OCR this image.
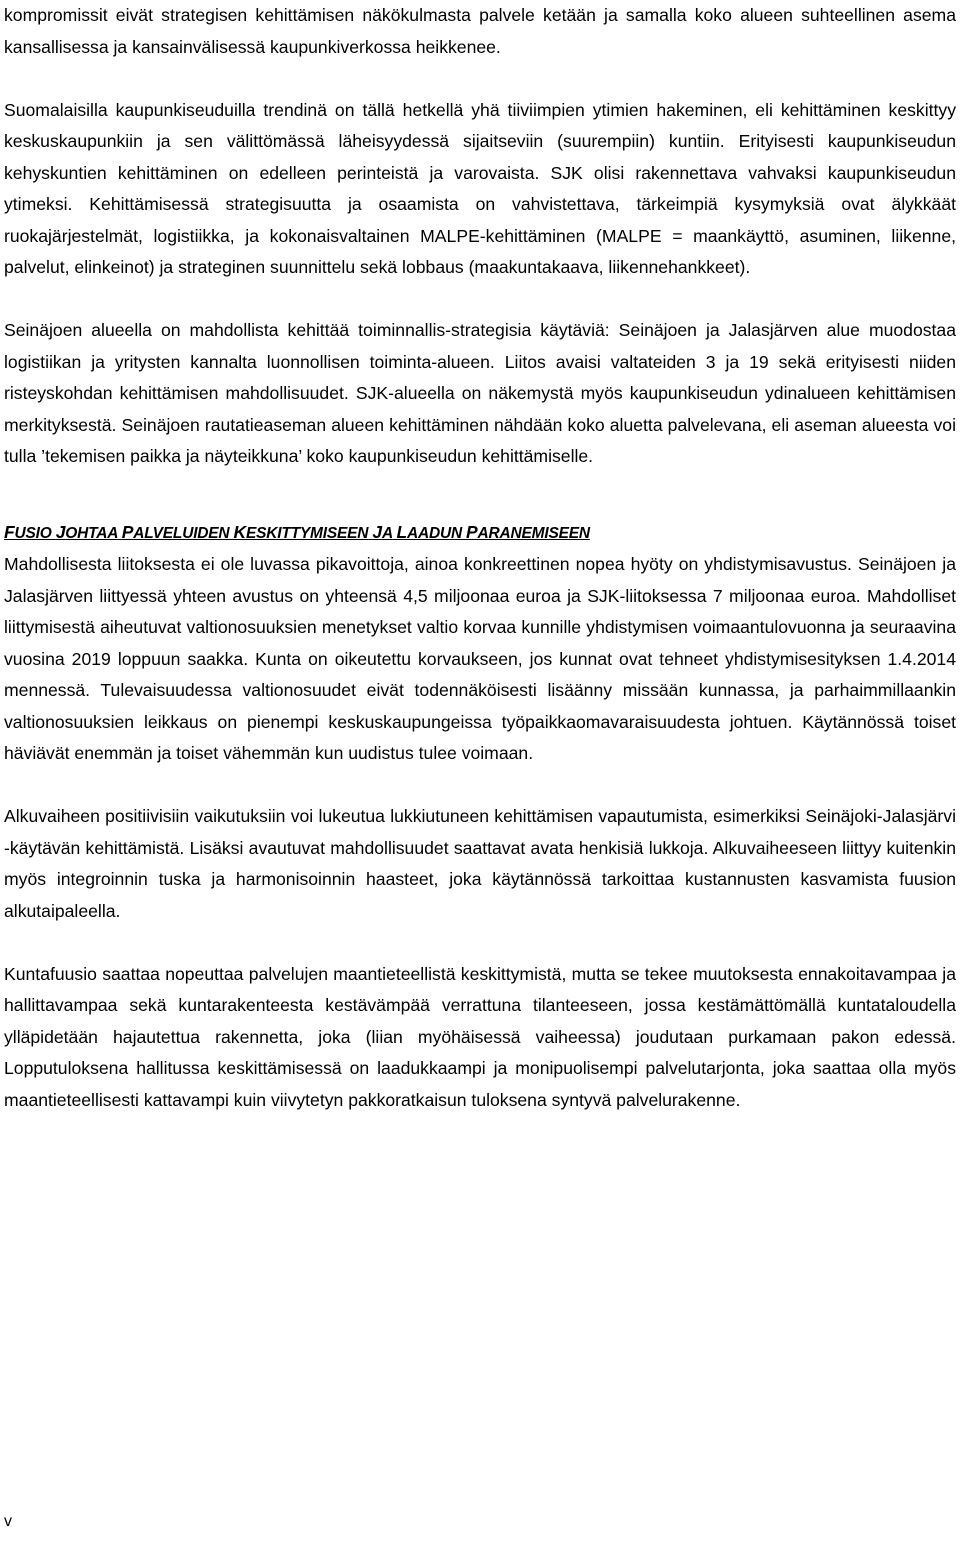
kompromissit eivät strategisen kehittämisen näkökulmasta palvele ketään ja samalla koko alueen suhteellinen asema kansallisessa ja kansainvälisessä kaupunkiverkossa heikkenee.

Suomalaisilla kaupunkiseuduilla trendinä on tällä hetkellä yhä tiiviimpien ytimien hakeminen, eli kehittäminen keskittyy keskuskaupunkiin ja sen välittömässä läheisyydessä sijaitseviin (suurempiin) kuntiin. Erityisesti kaupunkiseudun kehyskuntien kehittäminen on edelleen perinteistä ja varovaista. SJK olisi rakennettava vahvaksi kaupunkiseudun ytimeksi. Kehittämisessä strategisuutta ja osaamista on vahvistettava, tärkeimpiä kysymyksiä ovat älykkäät ruokajärjestelmät, logistiikka, ja kokonaisvaltainen MALPE-kehittäminen (MALPE = maankäyttö, asuminen, liikenne, palvelut, elinkeinot) ja strateginen suunnittelu sekä lobbaus (maakuntakaava, liikennehankkeet).

Seinäjoen alueella on mahdollista kehittää toiminnallis-strategisia käytäviä: Seinäjoen ja Jalasjärven alue muodostaa logistiikan ja yritysten kannalta luonnollisen toiminta-alueen. Liitos avaisi valtateiden 3 ja 19 sekä erityisesti niiden risteyskohdan kehittämisen mahdollisuudet. SJK-alueella on näkemystä myös kaupunkiseudun ydinalueen kehittämisen merkityksestä. Seinäjoen rautatieaseman alueen kehittäminen nähdään koko aluetta palvelevana, eli aseman alueesta voi tulla ’tekemisen paikka ja näyteikkuna’ koko kaupunkiseudun kehittämiselle.

FUSIO JOHTAA PALVELUIDEN KESKITTYMISEEN JA LAADUN PARANEMISEEN

Mahdollisesta liitoksesta ei ole luvassa pikavoittoja, ainoa konkreettinen nopea hyöty on yhdistymisavustus. Seinäjoen ja Jalasjärven liittyessä yhteen avustus on yhteensä 4,5 miljoonaa euroa ja SJK-liitoksessa 7 miljoonaa euroa. Mahdolliset liittymisestä aiheutuvat valtionosuuksien menetykset valtio korvaa kunnille yhdistymisen voimaantulovuonna ja seuraavina vuosina 2019 loppuun saakka. Kunta on oikeutettu korvaukseen, jos kunnat ovat tehneet yhdistymisesityksen 1.4.2014 mennessä. Tulevaisuudessa valtionosuudet eivät todennäköisesti lisäänny missään kunnassa, ja parhaimmillaankin valtionosuuksien leikkaus on pienempi keskuskaupungeissa työpaikkaomavaraisuudesta johtuen. Käytännössä toiset häviävät enemmän ja toiset vähemmän kun uudistus tulee voimaan.

Alkuvaiheen positiivisiin vaikutuksiin voi lukeutua lukkiutuneen kehittämisen vapautumista, esimerkiksi Seinäjoki-Jalasjärvi -käytävän kehittämistä. Lisäksi avautuvat mahdollisuudet saattavat avata henkisiä lukkoja. Alkuvaiheeseen liittyy kuitenkin myös integroinnin tuska ja harmonisoinnin haasteet, joka käytännössä tarkoittaa kustannusten kasvamista fuusion alkutaipaleella.

Kuntafuusio saattaa nopeuttaa palvelujen maantieteellistä keskittymistä, mutta se tekee muutoksesta ennakoitavampaa ja hallittavampaa sekä kuntarakenteesta kestävämpää verrattuna tilanteeseen, jossa kestämättömällä kuntataloudella ylläpidetään hajautettua rakennetta, joka (liian myöhäisessä vaiheessa) joudutaan purkamaan pakon edessä. Lopputuloksena hallitussa keskittämisessä on laadukkaampi ja monipuolisempi palvelutarjonta, joka saattaa olla myös maantieteellisesti kattavampi kuin viivytetyn pakkoratkaisun tuloksena syntyvä palvelurakenne.

v
